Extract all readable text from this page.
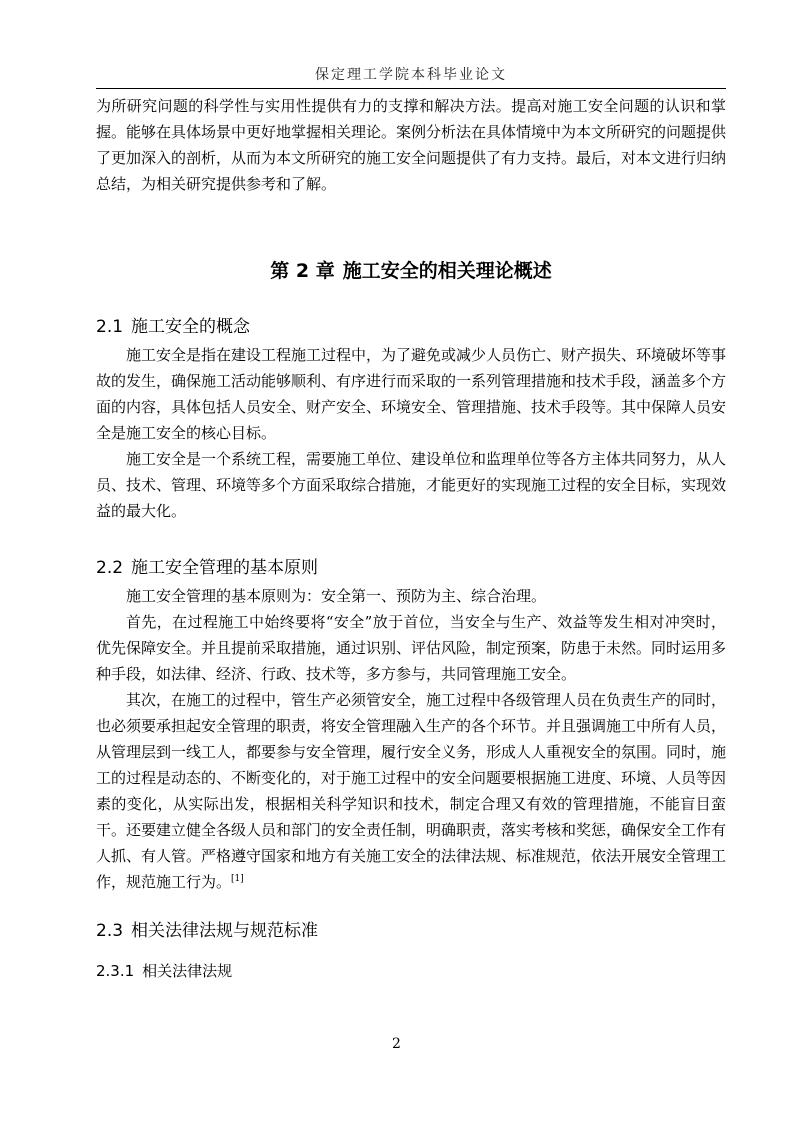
保定理工学院本科毕业论文

为所研究问题的科学性与实用性提供有力的支撑和解决方法。提高对施工安全问题的认识和掌握。能够在具体场景中更好地掌握相关理论。案例分析法在具体情境中为本文所研究的问题提供了更加深入的剖析，从而为本文所研究的施工安全问题提供了有力支持。最后，对本文进行归纳总结，为相关研究提供参考和了解。

第 2 章 施工安全的相关理论概述
2.1 施工安全的概念

施工安全是指在建设工程施工过程中，为了避免或减少人员伤亡、财产损失、环境破坏等事故的发生，确保施工活动能够顺利、有序进行而采取的一系列管理措施和技术手段，涵盖多个方面的内容，具体包括人员安全、财产安全、环境安全、管理措施、技术手段等。其中保障人员安全是施工安全的核心目标。

施工安全是一个系统工程，需要施工单位、建设单位和监理单位等各方主体共同努力，从人员、技术、管理、环境等多个方面采取综合措施，才能更好的实现施工过程的安全目标，实现效益的最大化。

2.2 施工安全管理的基本原则

施工安全管理的基本原则为：安全第一、预防为主、综合治理。

首先，在过程施工中始终要将“安全”放于首位，当安全与生产、效益等发生相对冲突时，优先保障安全。并且提前采取措施，通过识别、评估风险，制定预案，防患于未然。同时运用多种手段，如法律、经济、行政、技术等，多方参与，共同管理施工安全。

其次，在施工的过程中，管生产必须管安全，施工过程中各级管理人员在负责生产的同时，也必须要承担起安全管理的职责，将安全管理融入生产的各个环节。并且强调施工中所有人员，从管理层到一线工人，都要参与安全管理，履行安全义务，形成人人重视安全的氛围。同时，施工的过程是动态的、不断变化的，对于施工过程中的安全问题要根据施工进度、环境、人员等因素的变化，从实际出发，根据相关科学知识和技术，制定合理又有效的管理措施，不能盲目蛮干。还要建立健全各级人员和部门的安全责任制，明确职责，落实考核和奖惩，确保安全工作有人抓、有人管。严格遵守国家和地方有关施工安全的法律法规、标准规范，依法开展安全管理工作，规范施工行为。[1]

2.3 相关法律法规与规范标准
2.3.1 相关法律法规
2
